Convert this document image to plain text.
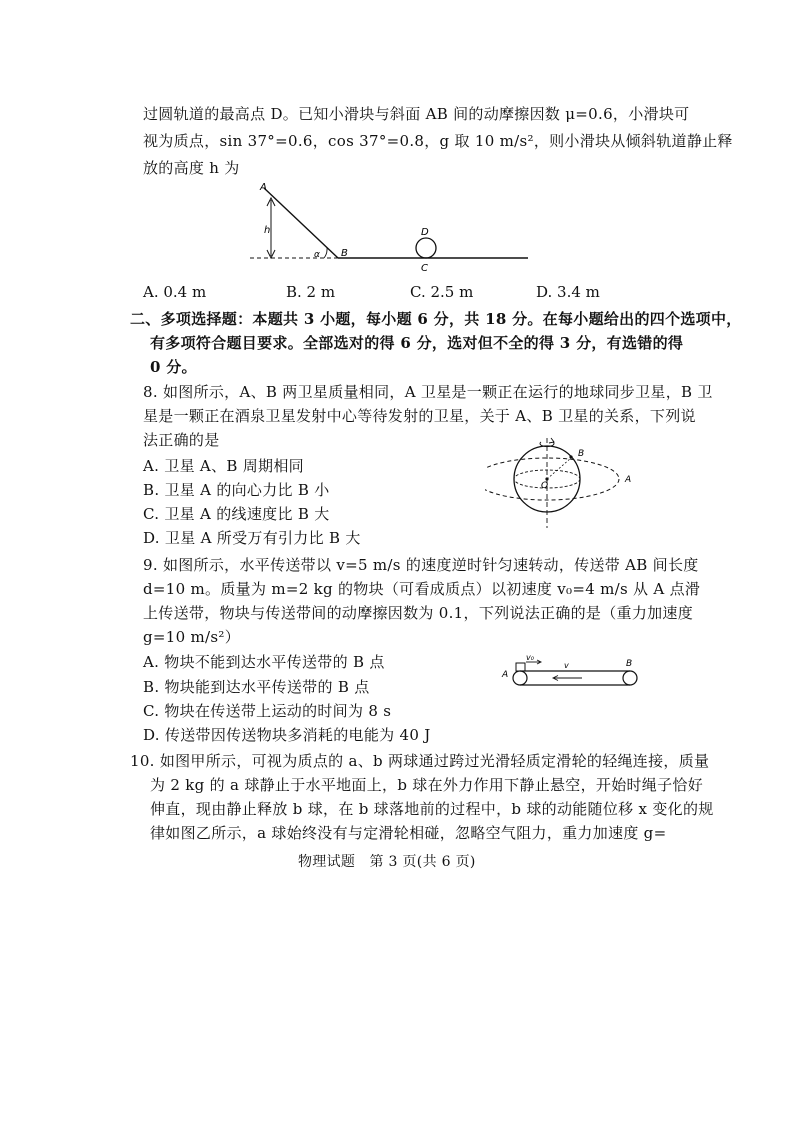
过圆轨道的最高点 D。已知小滑块与斜面 AB 间的动摩擦因数 μ=0.6，小滑块可
视为质点，sin 37°=0.6，cos 37°=0.8，g 取 10 m/s²，则小滑块从倾斜轨道静止释
放的高度 h 为
A
h
α B
D
C
A. 0.4 m	B. 2 m	C. 2.5 m	D. 3.4 m
二、多项选择题：本题共 3 小题，每小题 6 分，共 18 分。在每小题给出的四个选项中，
有多项符合题目要求。全部选对的得 6 分，选对但不全的得 3 分，有选错的得
0 分。
8. 如图所示，A、B 两卫星质量相同，A 卫星是一颗正在运行的地球同步卫星，B 卫
星是一颗正在酒泉卫星发射中心等待发射的卫星，关于 A、B 卫星的关系，下列说
法正确的是
A. 卫星 A、B 周期相同
B. 卫星 A 的向心力比 B 小
C. 卫星 A 的线速度比 B 大
D. 卫星 A 所受万有引力比 B 大
O
B
A
9. 如图所示，水平传送带以 v=5 m/s 的速度逆时针匀速转动，传送带 AB 间长度
d=10 m。质量为 m=2 kg 的物块（可看成质点）以初速度 v₀=4 m/s 从 A 点滑
上传送带，物块与传送带间的动摩擦因数为 0.1，下列说法正确的是（重力加速度
g=10 m/s²）
A. 物块不能到达水平传送带的 B 点
B. 物块能到达水平传送带的 B 点
C. 物块在传送带上运动的时间为 8 s
D. 传送带因传送物块多消耗的电能为 40 J
v₀
v
A
B
10. 如图甲所示，可视为质点的 a、b 两球通过跨过光滑轻质定滑轮的轻绳连接，质量
为 2 kg 的 a 球静止于水平地面上，b 球在外力作用下静止悬空，开始时绳子恰好
伸直，现由静止释放 b 球，在 b 球落地前的过程中，b 球的动能随位移 x 变化的规
律如图乙所示，a 球始终没有与定滑轮相碰，忽略空气阻力，重力加速度 g=
物理试题　第 3 页(共 6 页)
